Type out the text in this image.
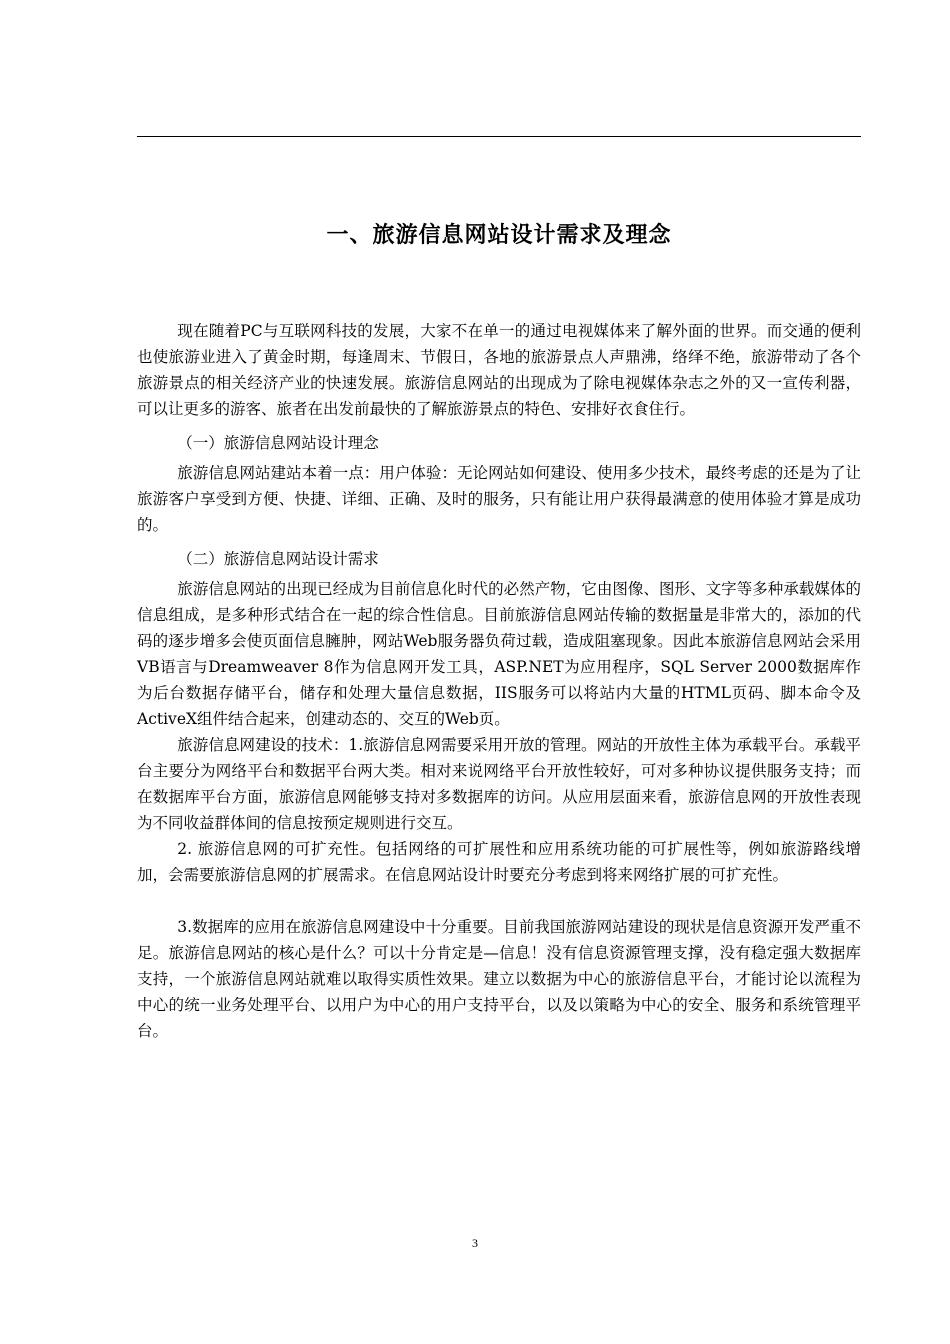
一、旅游信息网站设计需求及理念

现在随着PC与互联网科技的发展，大家不在单一的通过电视媒体来了解外面的世界。而交通的便利也使旅游业进入了黄金时期，每逢周末、节假日，各地的旅游景点人声鼎沸，络绎不绝，旅游带动了各个旅游景点的相关经济产业的快速发展。旅游信息网站的出现成为了除电视媒体杂志之外的又一宣传利器，可以让更多的游客、旅者在出发前最快的了解旅游景点的特色、安排好衣食住行。

（一）旅游信息网站设计理念

旅游信息网站建站本着一点：用户体验：无论网站如何建设、使用多少技术，最终考虑的还是为了让旅游客户享受到方便、快捷、详细、正确、及时的服务，只有能让用户获得最满意的使用体验才算是成功的。

（二）旅游信息网站设计需求

旅游信息网站的出现已经成为目前信息化时代的必然产物，它由图像、图形、文字等多种承载媒体的信息组成，是多种形式结合在一起的综合性信息。目前旅游信息网站传输的数据量是非常大的，添加的代码的逐步增多会使页面信息臃肿，网站Web服务器负荷过载，造成阻塞现象。因此本旅游信息网站会采用VB语言与Dreamweaver 8作为信息网开发工具，ASP.NET为应用程序，SQL Server 2000数据库作为后台数据存储平台，储存和处理大量信息数据，IIS服务可以将站内大量的HTML页码、脚本命令及ActiveX组件结合起来，创建动态的、交互的Web页。

旅游信息网建设的技术：1.旅游信息网需要采用开放的管理。网站的开放性主体为承载平台。承载平台主要分为网络平台和数据平台两大类。相对来说网络平台开放性较好，可对多种协议提供服务支持；而在数据库平台方面，旅游信息网能够支持对多数据库的访问。从应用层面来看，旅游信息网的开放性表现为不同收益群体间的信息按预定规则进行交互。

2. 旅游信息网的可扩充性。包括网络的可扩展性和应用系统功能的可扩展性等，例如旅游路线增加，会需要旅游信息网的扩展需求。在信息网站设计时要充分考虑到将来网络扩展的可扩充性。

3.数据库的应用在旅游信息网建设中十分重要。目前我国旅游网站建设的现状是信息资源开发严重不足。旅游信息网站的核心是什么？可以十分肯定是—信息！没有信息资源管理支撑，没有稳定强大数据库支持，一个旅游信息网站就难以取得实质性效果。建立以数据为中心的旅游信息平台，才能讨论以流程为中心的统一业务处理平台、以用户为中心的用户支持平台，以及以策略为中心的安全、服务和系统管理平台。

3
